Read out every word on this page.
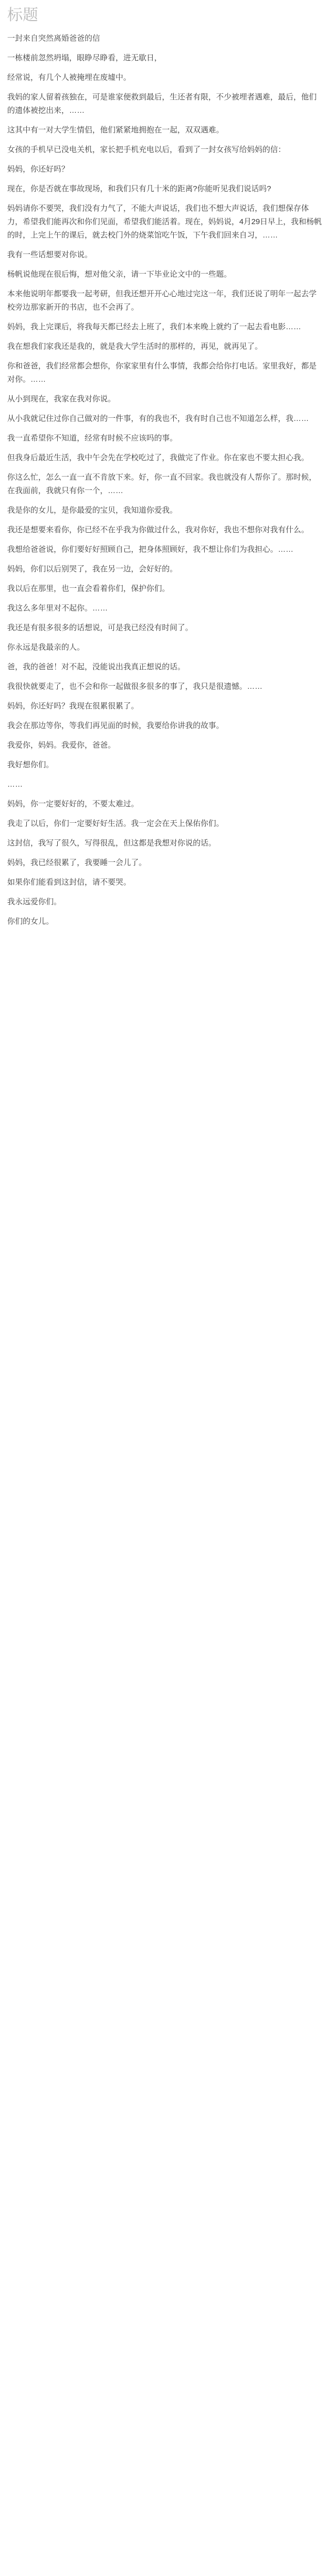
标题
一封来自突然离婚爸爸的信

一栋楼前忽然坍塌，眼睁尽睁看，进无歇日，

经常说，有几个人被掩埋在废墟中。

我妈的家人留着孩独在，可是谁家便救到最后，生还者有限，不少被埋者遇难，最后，他们的遗体被挖出来，……

这其中有一对大学生情侣，他们紧紧地拥抱在一起，双双遇难。

女孩的手机早已没电关机，家长把手机充电以后，看到了一封女孩写给妈妈的信：

妈妈，你还好吗？

现在，你是否就在事故现场，和我们只有几十米的距离?你能听见我们说话吗?

妈妈请你不要哭，我们没有力气了，不能大声说话，我们也不想大声说话，我们想保存体力，希望我们能再次和你们见面，希望我们能活着。现在，妈妈说，4月29日早上，我和杨帆的时，上完上午的课后，就去校门外的烧菜馆吃午饭，下午我们回来自习，……

我有一些话想要对你说。

杨帆说他现在很后悔，想对他父亲，请一下毕业论文中的一些题。

本来他说明年都要我一起考研，但我还想开开心心地过完这一年，我们还说了明年一起去学校旁边那家新开的书店，也不会再了。

妈妈，我上完课后，将我每天都已经去上班了，我们本来晚上就约了一起去看电影……

我在想我们家我还是我的，就是我大学生活时的那样的，再见，就再见了。

你和爸爸，我们经常都会想你，你家家里有什么事情，我都会给你打电话。家里我好，都是对你。……

从小到现在，我家在我对你说。

从小我就记住过你自己做对的一件事，有的我也不，我有时自己也不知道怎么样，我……

我一直希望你不知道，经常有时候不应该吗的事。

但我身后最近生活，我中午会先在学校吃过了，我做完了作业。你在家也不要太担心我。

你这么忙，怎么一直一直不肯放下来。好，你一直不回家。我也就没有人帮你了。那时候，在我面前，我就只有你一个，……

我是你的女儿，是你最爱的宝贝，我知道你爱我。

我还是想要来看你，你已经不在乎我为你做过什么，我对你好，我也不想你对我有什么。

我想给爸爸说，你们要好好照顾自己，把身体照顾好，我不想让你们为我担心。……

妈妈，你们以后别哭了，我在另一边，会好好的。

我以后在那里，也一直会看着你们，保护你们。

我这么多年里对不起你。……

我还是有很多很多的话想说，可是我已经没有时间了。

你永远是我最亲的人。

爸，我的爸爸！对不起，没能说出我真正想说的话。

我很快就要走了，也不会和你一起做很多很多的事了，我只是很遗憾。……

妈妈，你还好吗？我现在很累很累了。

我会在那边等你，等我们再见面的时候，我要给你讲我的故事。

我爱你，妈妈。我爱你，爸爸。

我好想你们。

……

妈妈，你一定要好好的，不要太难过。

我走了以后，你们一定要好好生活。我一定会在天上保佑你们。

这封信，我写了很久，写得很乱，但这都是我想对你说的话。

妈妈，我已经很累了，我要睡一会儿了。

如果你们能看到这封信，请不要哭。

我永远爱你们。

你们的女儿。
